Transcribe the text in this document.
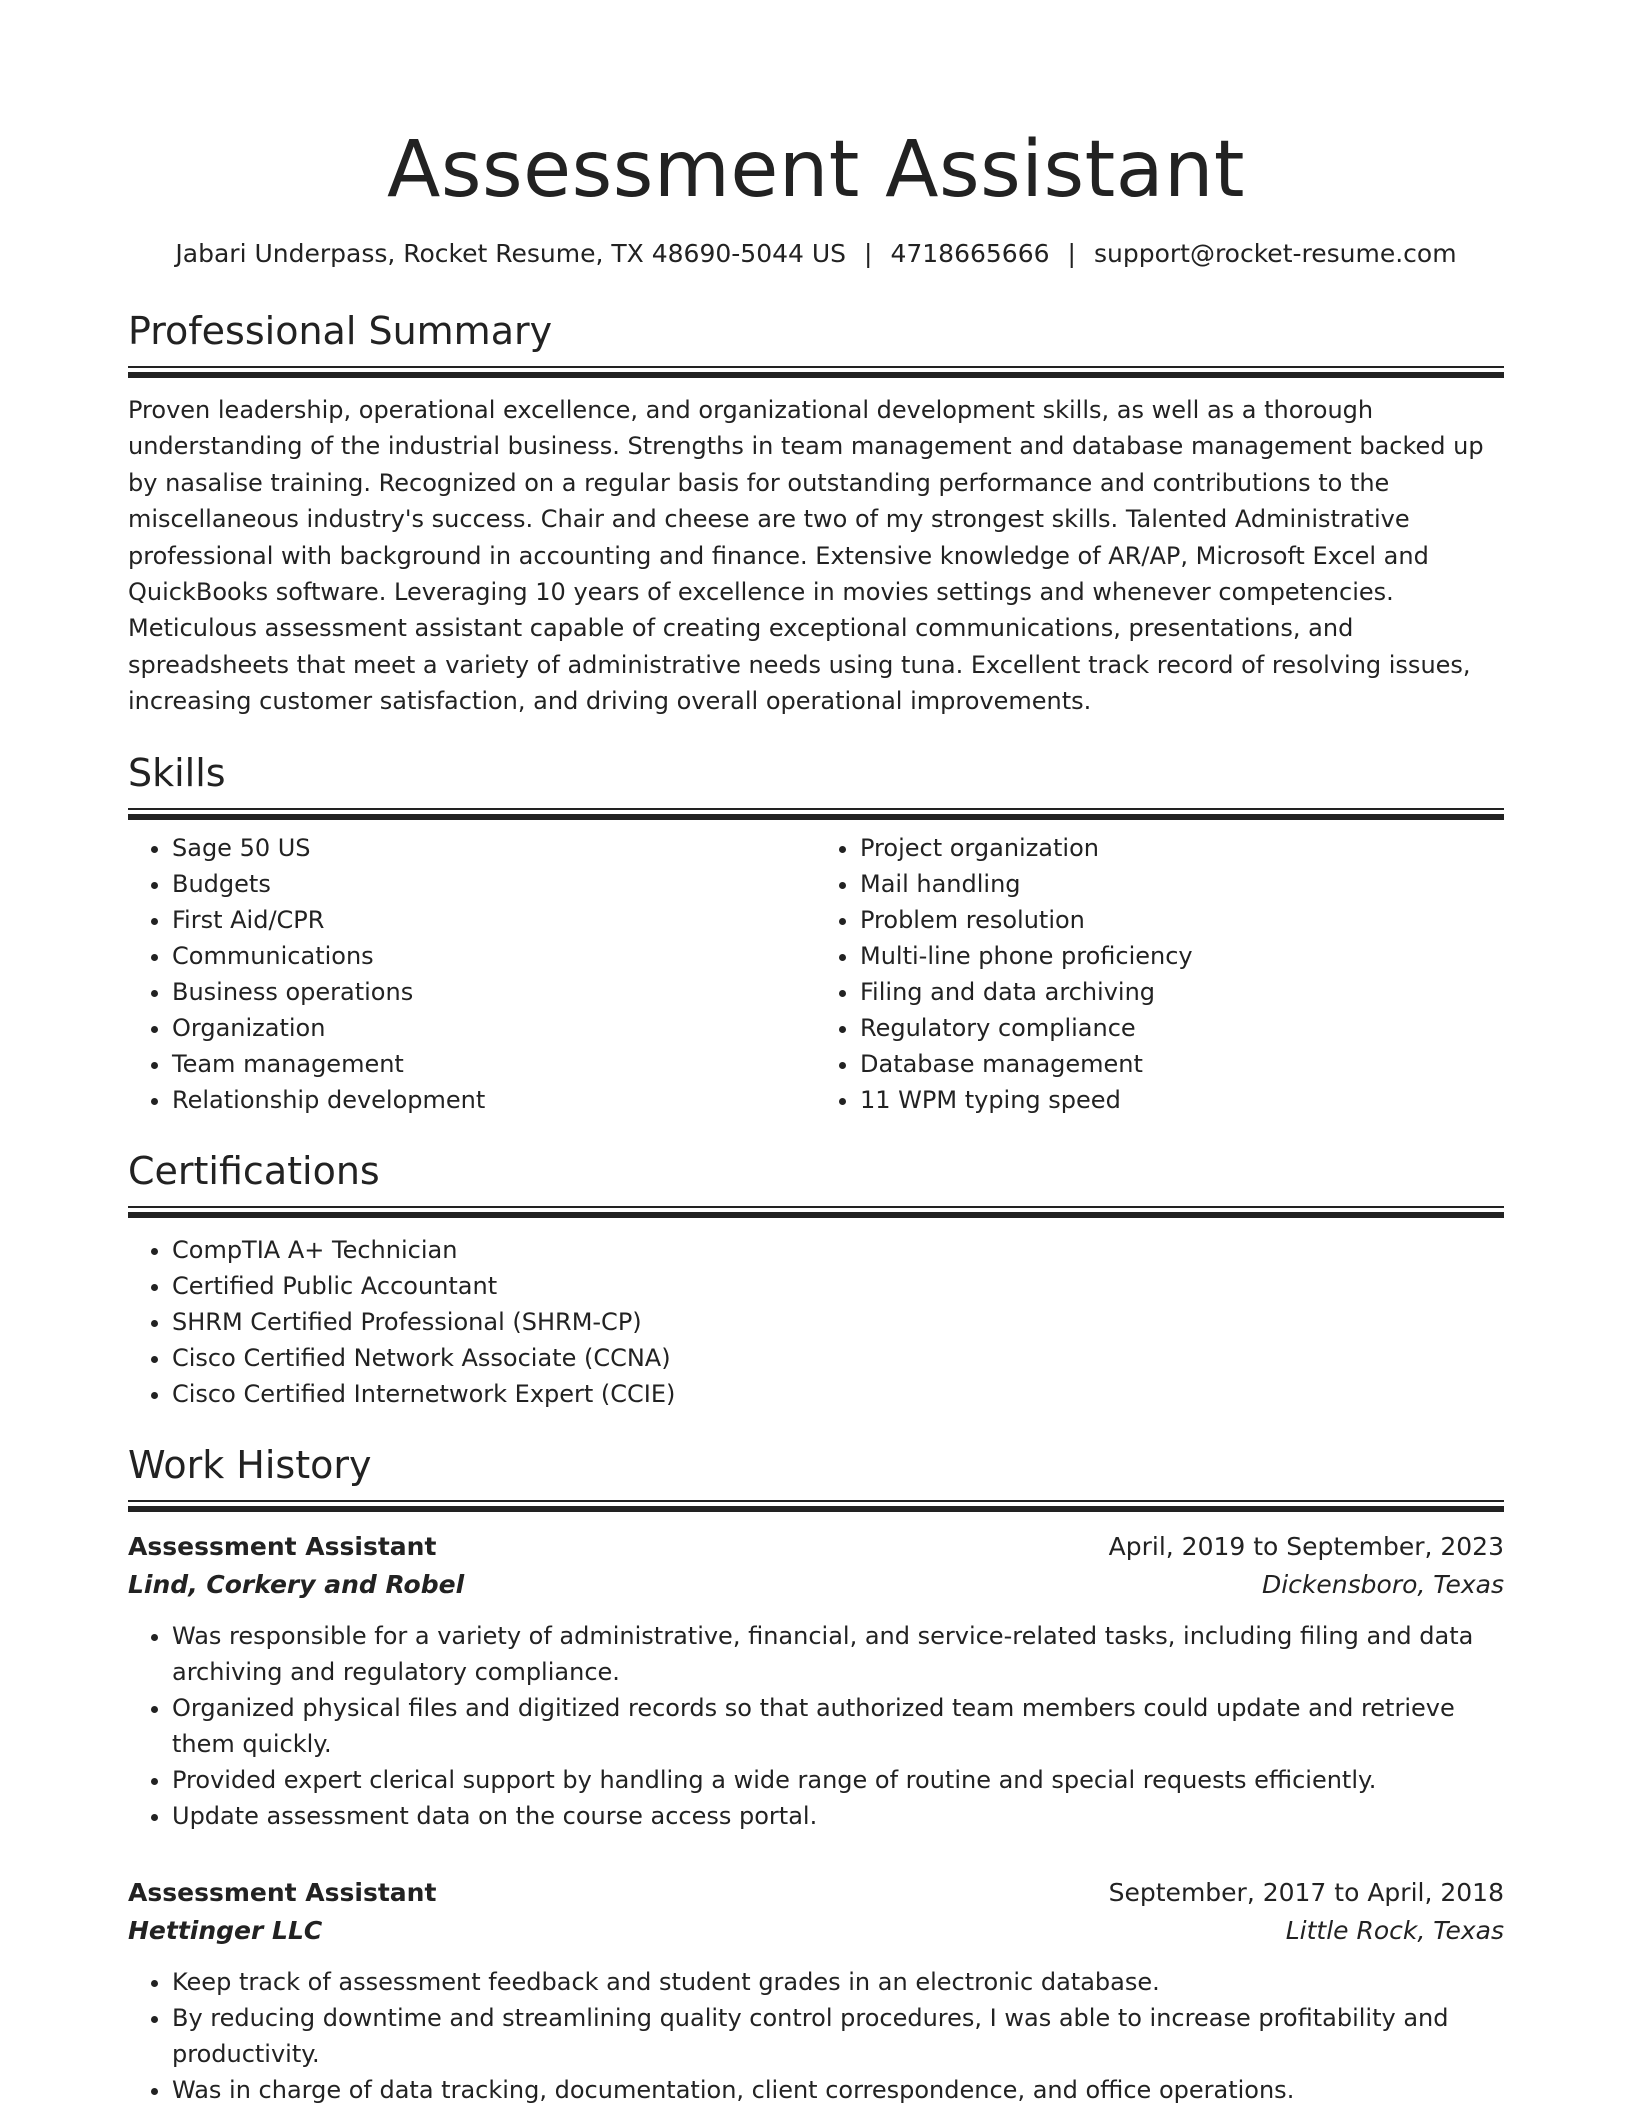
Assessment Assistant
Jabari Underpass, Rocket Resume, TX 48690-5044 US | 4718665666 | support@rocket-resume.com
Professional Summary
Proven leadership, operational excellence, and organizational development skills, as well as a thorough understanding of the industrial business. Strengths in team management and database management backed up by nasalise training. Recognized on a regular basis for outstanding performance and contributions to the miscellaneous industry's success. Chair and cheese are two of my strongest skills. Talented Administrative professional with background in accounting and finance. Extensive knowledge of AR/AP, Microsoft Excel and QuickBooks software. Leveraging 10 years of excellence in movies settings and whenever competencies. Meticulous assessment assistant capable of creating exceptional communications, presentations, and spreadsheets that meet a variety of administrative needs using tuna. Excellent track record of resolving issues, increasing customer satisfaction, and driving overall operational improvements.
Skills
• Sage 50 US
• Budgets
• First Aid/CPR
• Communications
• Business operations
• Organization
• Team management
• Relationship development
• Project organization
• Mail handling
• Problem resolution
• Multi-line phone proficiency
• Filing and data archiving
• Regulatory compliance
• Database management
• 11 WPM typing speed
Certifications
• CompTIA A+ Technician
• Certified Public Accountant
• SHRM Certified Professional (SHRM-CP)
• Cisco Certified Network Associate (CCNA)
• Cisco Certified Internetwork Expert (CCIE)
Work History
Assessment Assistant	April, 2019 to September, 2023
Lind, Corkery and Robel	Dickensboro, Texas
• Was responsible for a variety of administrative, financial, and service-related tasks, including filing and data archiving and regulatory compliance.
• Organized physical files and digitized records so that authorized team members could update and retrieve them quickly.
• Provided expert clerical support by handling a wide range of routine and special requests efficiently.
• Update assessment data on the course access portal.
Assessment Assistant	September, 2017 to April, 2018
Hettinger LLC	Little Rock, Texas
• Keep track of assessment feedback and student grades in an electronic database.
• By reducing downtime and streamlining quality control procedures, I was able to increase profitability and productivity.
• Was in charge of data tracking, documentation, client correspondence, and office operations.
